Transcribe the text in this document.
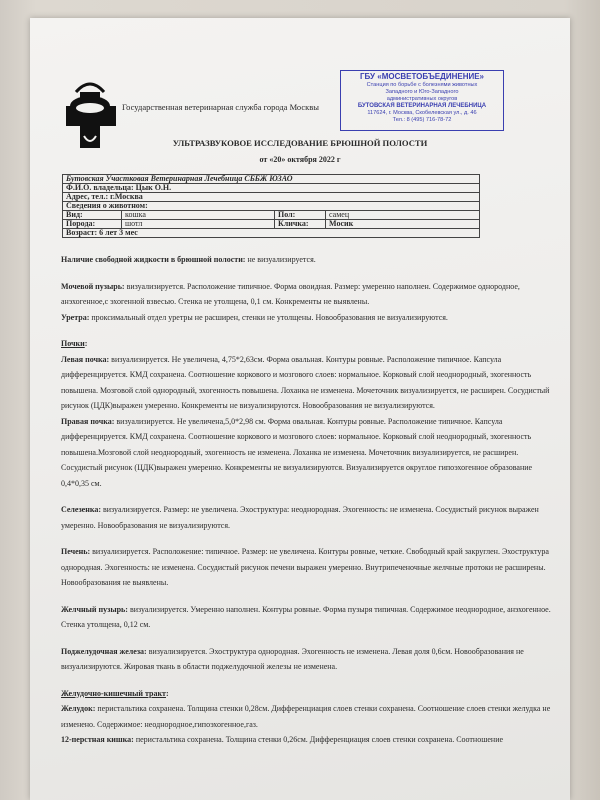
Государственная ветеринарная служба города Москвы
ГБУ «МОСВЕТОБЪЕДИНЕНИЕ»
Станция по борьбе с болезнями животных
Западного и Юго-Западного
административных округов
БУТОВСКАЯ ВЕТЕРИНАРНАЯ ЛЕЧЕБНИЦА
117624, г. Москва, Скобелевская ул., д. 46
Тел.: 8 (495) 716-78-72
УЛЬТРАЗВУКОВОЕ ИССЛЕДОВАНИЕ БРЮШНОЙ ПОЛОСТИ
от «20» октября 2022 г
Бутовская Участковая Ветеринарная Лечебница СББЖ ЮЗАО			
Ф.И.О. владельца: Цык О.Н.			
Адрес, тел.: г.Москва			
Сведения о животном:			
Вид:	кошка	Пол:	самец
Порода:	шотл	Кличка:	Мосик
Возраст: 6 лет 3 мес			
Наличие свободной жидкости в брюшной полости: не визуализируется.
Мочевой пузырь: визуализируется. Расположение типичное. Форма овоидная. Размер: умеренно наполнен. Содержимое однородное, анэхогенное,с эхогенной взвесью. Стенка не утолщена, 0,1 см. Конкременты не выявлены.
Уретра: проксимальный отдел уретры не расширен, стенки не утолщены. Новообразования не визуализируются.
Почки:
Левая почка: визуализируется. Не увеличена, 4,75*2,63см. Форма овальная. Контуры ровные. Расположение типичное. Капсула дифференцируется. КМД сохранена. Соотношение коркового и мозгового слоев: нормальное. Корковый слой неоднородный, эхогенность повышена. Мозговой слой однородный, эхогенность повышена. Лоханка не изменена. Мочеточник визуализируется, не расширен. Сосудистый рисунок (ЦДК)выражен умеренно. Конкременты не визуализируются. Новообразования не визуализируются.
Правая почка: визуализируется. Не увеличена,5,0*2,98 см. Форма овальная. Контуры ровные. Расположение типичное. Капсула дифференцируется. КМД сохранена. Соотношение коркового и мозгового слоев: нормальное. Корковый слой неоднородный, эхогенность повышена.Мозговой слой неоднородный, эхогенность не изменена. Лоханка не изменена. Мочеточник визуализируется, не расширен. Сосудистый рисунок (ЦДК)выражен умеренно. Конкременты не визуализируются. Визуализируется округлое гипоэхогенное образование 0,4*0,35 см.
Селезенка: визуализируется. Размер: не увеличена. Эхоструктура: неоднородная. Эхогенность: не изменена. Сосудистый рисунок выражен умеренно. Новообразования не визуализируются.
Печень: визуализируется. Расположение: типичное. Размер: не увеличена. Контуры ровные, четкие. Свободный край закруглен. Эхоструктура однородная. Эхогенность: не изменена. Сосудистый рисунок печени выражен умеренно. Внутрипеченочные желчные протоки не расширены. Новообразования не выявлены.
Желчный пузырь: визуализируется. Умеренно наполнен. Контуры ровные. Форма пузыря типичная. Содержимое неоднородное, анэхогенное. Стенка утолщена, 0,12 см.
Поджелудочная железа: визуализируется. Эхоструктура однородная. Эхогенность не изменена. Левая доля 0,6см. Новообразования не визуализируются. Жировая ткань в области поджелудочной железы не изменена.
Желудочно-кишечный тракт:
Желудок: перистальтика сохранена. Толщина стенки 0,28см. Дифференциация слоев стенки сохранена. Соотношение слоев стенки желудка не изменено. Содержимое: неоднородное,гипоэхогенное,газ.
12-перстная кишка: перистальтика сохранена. Толщина стенки 0,26см. Дифференциация слоев стенки сохранена. Соотношение
